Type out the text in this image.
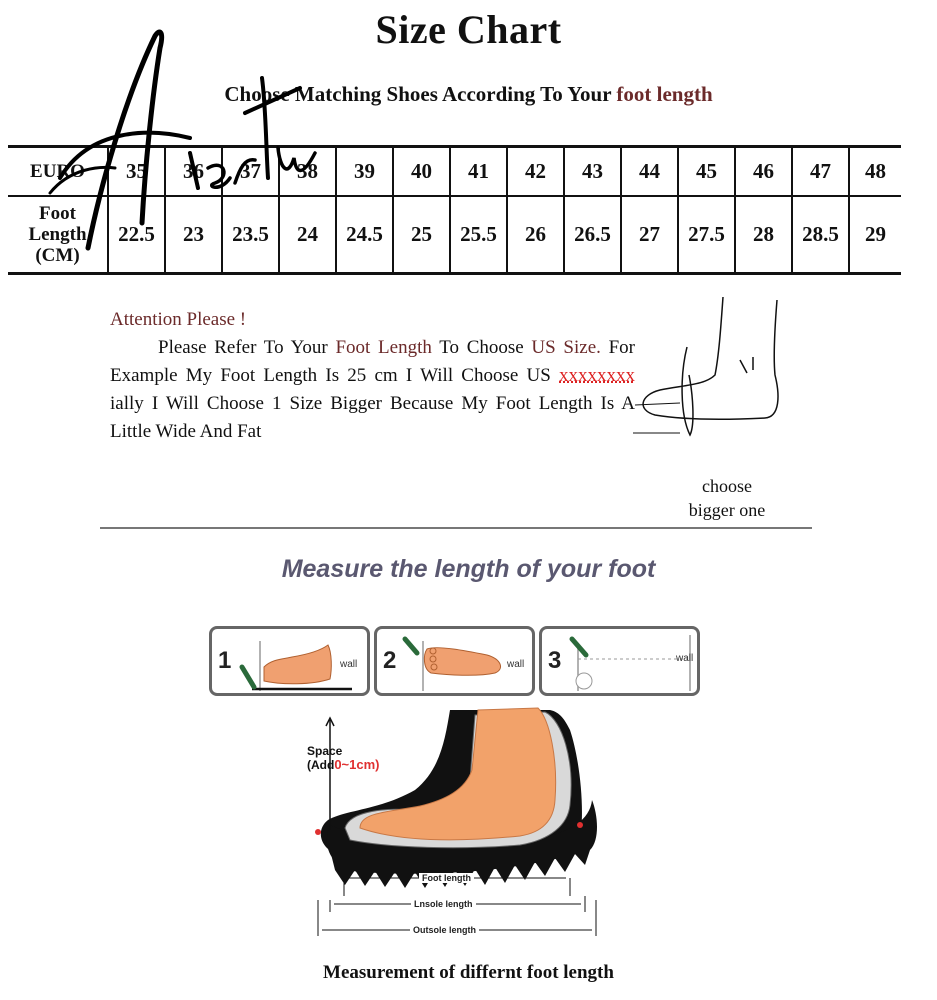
Size Chart
Choose Matching Shoes According To Your foot length
EURO	35	36	37	38	39	40	41	42	43	44	45	46	47	48

Foot
Length
(CM)	22.5	23	23.5	24	24.5	25	25.5	26	26.5	27	27.5	28	28.5	29
Aiertu
Attention Please !
Please Refer To Your Foot Length To Choose US Size. For Example My Foot Length Is 25 cm I Will Choose US xxxxxxxx ially I Will Choose 1 Size Bigger Because My Foot Length Is A Little Wide And Fat
choose
bigger one
Measure the length of your foot
1	wall 2	wall 3	wall
Space
(Add0~1cm)
Foot length
Lnsole length
Outsole length
Measurement of differnt foot length
